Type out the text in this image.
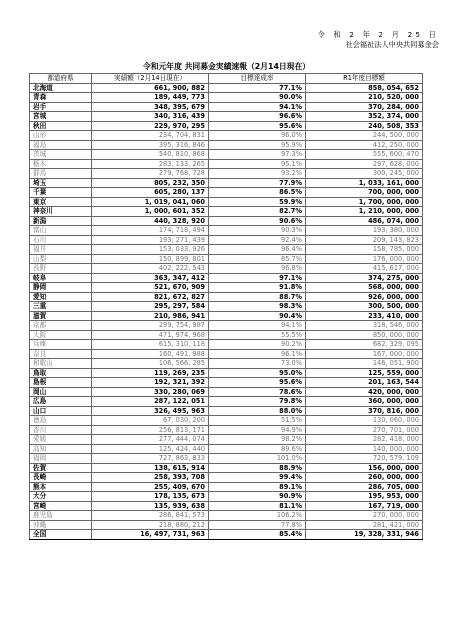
令 和 2 年 2 月 25 日
社会福祉法人中央共同募金会
令和元年度 共同募金実績速報（2月14日現在）
都道府県	実績額（2月14日現在）	目標達成率	R1年度目標額
北海道	661, 900, 882	77.1%	858, 054, 652
青森	189, 449, 773	90.0%	210, 520, 000
岩手	348, 395, 679	94.1%	370, 284, 000
宮城	340, 316, 439	96.6%	352, 374, 000
秋田	229, 970, 295	95.6%	240, 508, 353
山形	234, 704, 831	96.0%	244, 500, 000
福島	395, 316, 846	95.9%	412, 250, 000
茨城	540, 810, 868	97.3%	555, 600, 470
栃木	283, 133, 265	95.1%	297, 628, 000
群馬	279, 768, 728	93.2%	300, 245, 000
埼玉	805, 232, 350	77.9%	1, 033, 161, 000
千葉	605, 280, 137	86.5%	700, 000, 000
東京	1, 019, 041, 060	59.9%	1, 700, 000, 000
神奈川	1, 000, 601, 352	82.7%	1, 210, 000, 000
新潟	440, 328, 920	90.6%	486, 074, 000
富山	174, 718, 494	90.3%	193, 380, 000
石川	193, 271, 439	92.4%	209, 143, 823
福井	153, 033, 926	96.4%	158, 785, 000
山梨	150, 899, 801	85.7%	176, 000, 000
長野	402, 222, 543	96.8%	415, 617, 000
岐阜	363, 347, 412	97.1%	374, 275, 000
静岡	521, 670, 909	91.8%	568, 000, 000
愛知	821, 672, 827	88.7%	926, 000, 000
三重	295, 297, 584	98.3%	300, 500, 000
滋賀	210, 986, 941	90.4%	233, 410, 000
京都	299, 754, 987	94.1%	318, 546, 000
大阪	471, 974, 968	55.5%	850, 000, 000
兵庫	615, 310, 118	90.2%	682, 329, 095
奈良	160, 491, 988	96.1%	167, 000, 000
和歌山	106, 566, 285	73.0%	146, 051, 900
鳥取	119, 269, 235	95.0%	125, 559, 000
島根	192, 321, 392	95.6%	201, 163, 544
岡山	330, 280, 069	78.6%	420, 000, 000
広島	287, 122, 051	79.8%	360, 000, 000
山口	326, 495, 963	88.0%	370, 816, 000
徳島	67, 030, 200	51.5%	130, 060, 000
香川	256, 813, 171	94.9%	270, 701, 000
愛媛	277, 444, 074	98.2%	282, 418, 000
高知	125, 424, 440	89.6%	140, 000, 000
福岡	727, 863, 833	101.0%	720, 579, 109
佐賀	138, 615, 914	88.9%	156, 000, 000
長崎	258, 393, 708	99.4%	260, 000, 000
熊本	255, 409, 670	89.1%	286, 705, 000
大分	178, 135, 673	90.9%	195, 953, 000
宮崎	135, 939, 638	81.1%	167, 719, 000
鹿児島	286, 841, 573	106.2%	270, 000, 000
沖縄	218, 880, 212	77.8%	281, 421, 000
全国	16, 497, 731, 963	85.4%	19, 328, 331, 946
